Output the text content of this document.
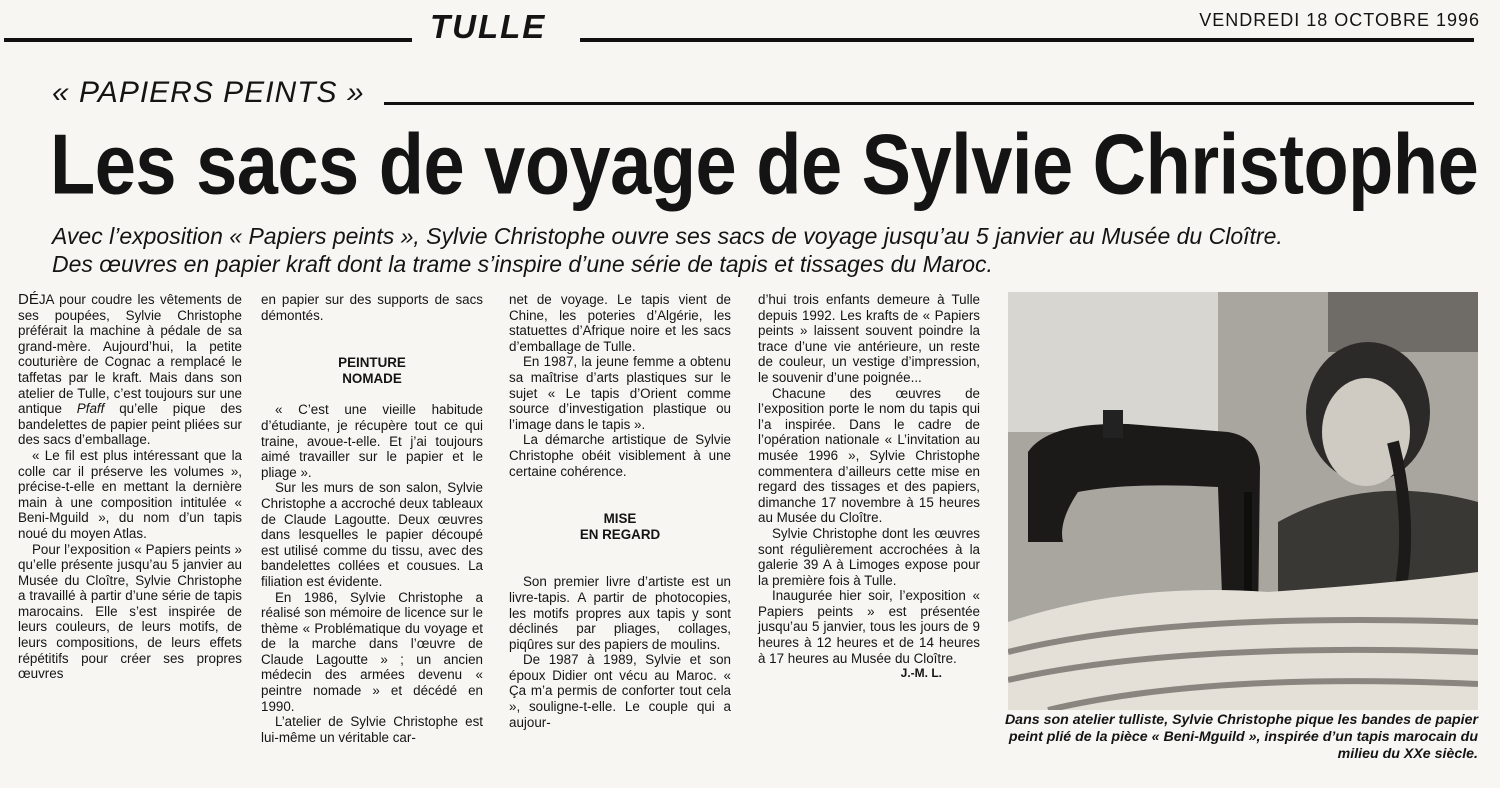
TULLE	VENDREDI 18 OCTOBRE 1996
« PAPIERS PEINTS »
Les sacs de voyage de Sylvie Christophe

Avec l’exposition « Papiers peints », Sylvie Christophe ouvre ses sacs de voyage jusqu’au 5 janvier au Musée du Cloître.

Des œuvres en papier kraft dont la trame s’inspire d’une série de tapis et tissages du Maroc.

DÉJA pour coudre les vêtements de ses poupées, Sylvie Christophe préférait la machine à pédale de sa grand-mère. Aujourd’hui, la petite couturière de Cognac a remplacé le taffetas par le kraft. Mais dans son atelier de Tulle, c’est toujours sur une antique Pfaff qu’elle pique des bandelettes de papier peint pliées sur des sacs d’emballage.

« Le fil est plus intéressant que la colle car il préserve les volumes », précise-t-elle en mettant la dernière main à une composition intitulée « Beni-Mguild », du nom d’un tapis noué du moyen Atlas.

Pour l’exposition « Papiers peints » qu’elle présente jusqu’au 5 janvier au Musée du Cloître, Sylvie Christophe a travaillé à partir d’une série de tapis marocains. Elle s’est inspirée de leurs couleurs, de leurs motifs, de leurs compositions, de leurs effets répétitifs pour créer ses propres œuvres

en papier sur des supports de sacs démontés.

PEINTURE

NOMADE

« C’est une vieille habitude d’étudiante, je récupère tout ce qui traine, avoue-t-elle. Et j’ai toujours aimé travailler sur le papier et le pliage ».

Sur les murs de son salon, Sylvie Christophe a accroché deux tableaux de Claude Lagoutte. Deux œuvres dans lesquelles le papier découpé est utilisé comme du tissu, avec des bandelettes collées et cousues. La filiation est évidente.

En 1986, Sylvie Christophe a réalisé son mémoire de licence sur le thème « Problématique du voyage et de la marche dans l’œuvre de Claude Lagoutte » ; un ancien médecin des armées devenu « peintre nomade » et décédé en 1990.

L’atelier de Sylvie Christophe est lui-même un véritable car-

net de voyage. Le tapis vient de Chine, les poteries d’Algérie, les statuettes d’Afrique noire et les sacs d’emballage de Tulle.

En 1987, la jeune femme a obtenu sa maîtrise d’arts plastiques sur le sujet « Le tapis d’Orient comme source d’investigation plastique ou l’image dans le tapis ».

La démarche artistique de Sylvie Christophe obéit visiblement à une certaine cohérence.

MISE

EN REGARD

Son premier livre d’artiste est un livre-tapis. A partir de photocopies, les motifs propres aux tapis y sont déclinés par pliages, collages, piqûres sur des papiers de moulins.

De 1987 à 1989, Sylvie et son époux Didier ont vécu au Maroc. « Ça m’a permis de conforter tout cela », souligne-t-elle. Le couple qui a aujour-

d’hui trois enfants demeure à Tulle depuis 1992. Les krafts de « Papiers peints » laissent souvent poindre la trace d’une vie antérieure, un reste de couleur, un vestige d’impression, le souvenir d’une poignée...

Chacune des œuvres de l’exposition porte le nom du tapis qui l’a inspirée. Dans le cadre de l’opération nationale « L’invitation au musée 1996 », Sylvie Christophe commentera d’ailleurs cette mise en regard des tissages et des papiers, dimanche 17 novembre à 15 heures au Musée du Cloître.

Sylvie Christophe dont les œuvres sont régulièrement accrochées à la galerie 39 A à Limoges expose pour la première fois à Tulle.

Inaugurée hier soir, l’exposition « Papiers peints » est présentée jusqu’au 5 janvier, tous les jours de 9 heures à 12 heures et de 14 heures à 17 heures au Musée du Cloître.

J.-M. L.

Dans son atelier tulliste, Sylvie Christophe pique les bandes de papier peint plié de la pièce « Beni-Mguild », inspirée d’un tapis marocain du milieu du XXe siècle.
